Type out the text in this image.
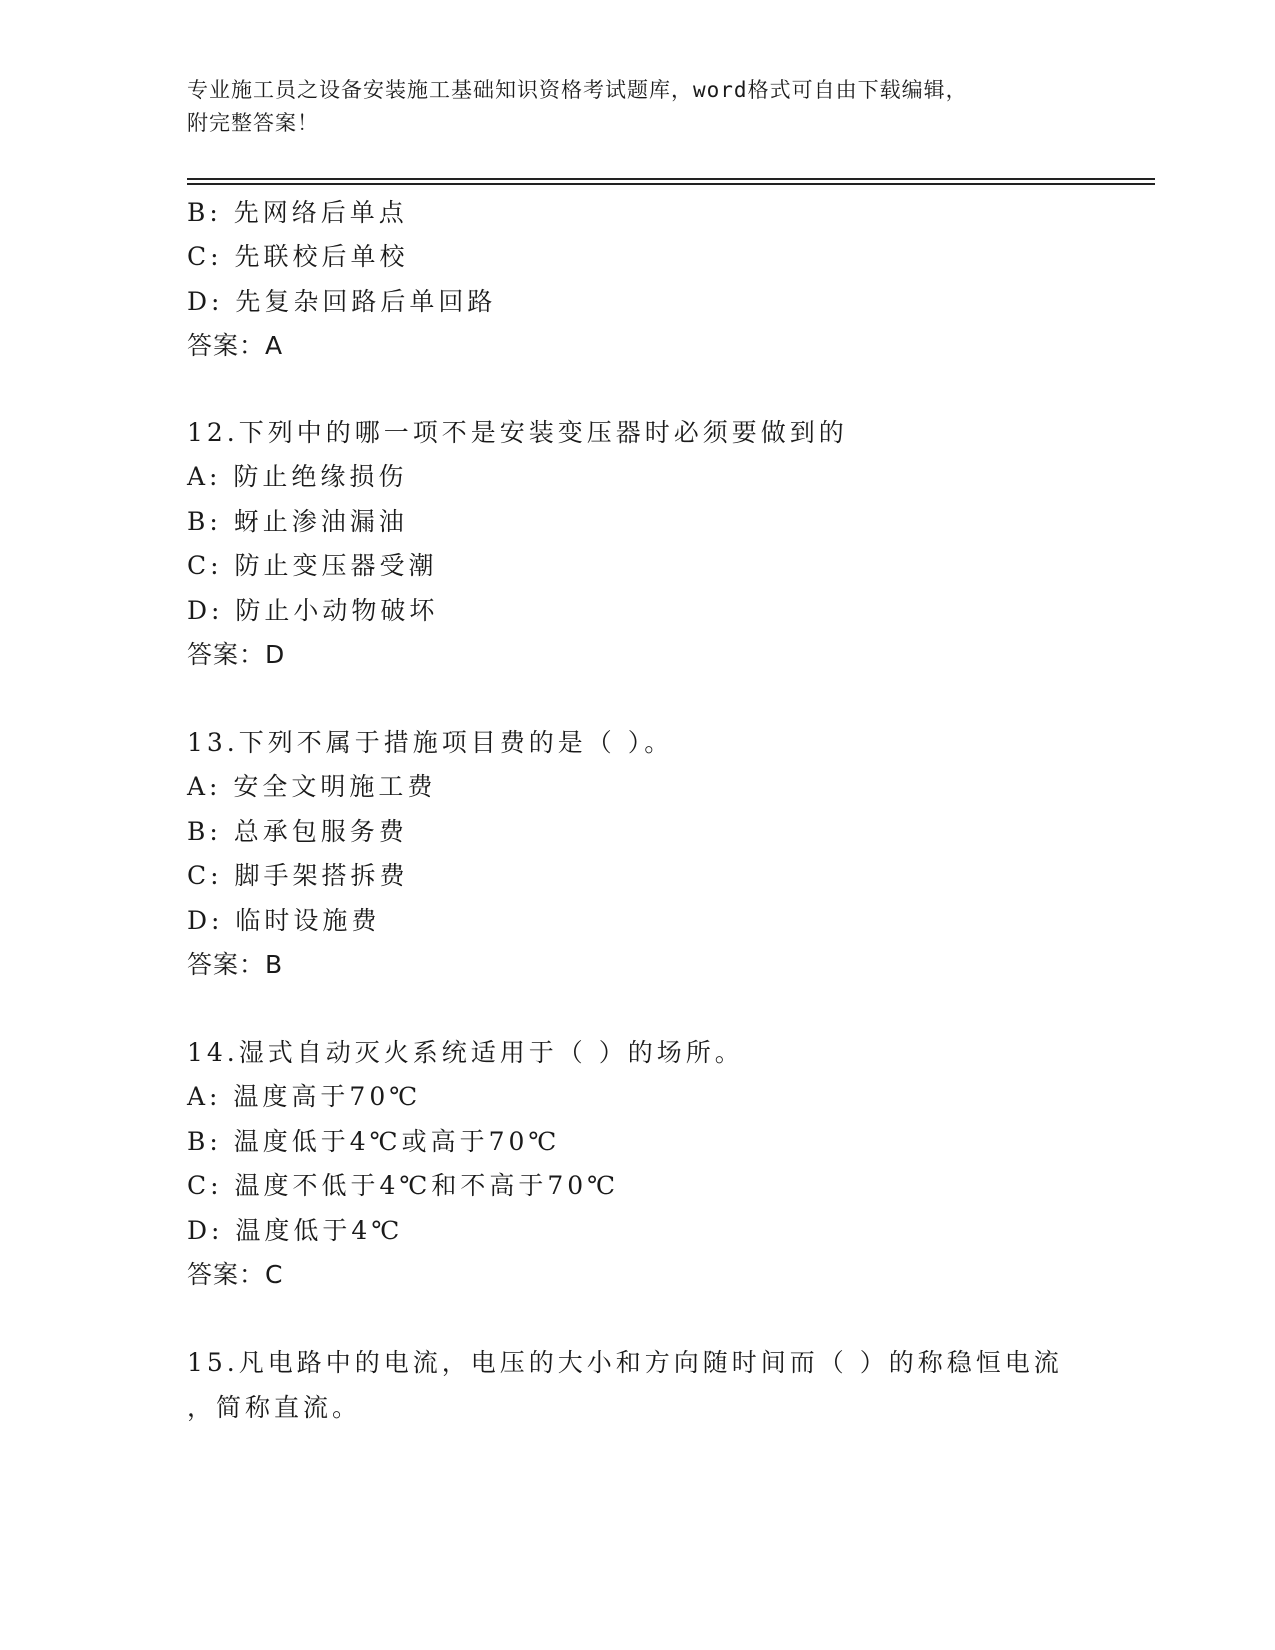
专业施工员之设备安装施工基础知识资格考试题库，word格式可自由下载编辑，
附完整答案！
B: 先网络后单点
C: 先联校后单校
D: 先复杂回路后单回路
答案：A
12.下列中的哪一项不是安装变压器时必须要做到的
A: 防止绝缘损伤
B: 蚜止渗油漏油
C: 防止变压器受潮
D: 防止小动物破坏
答案：D
13.下列不属于措施项目费的是（ ）。
A: 安全文明施工费
B: 总承包服务费
C: 脚手架搭拆费
D: 临时设施费
答案：B
14.湿式自动灭火系统适用于（ ）的场所。
A: 温度高于70℃
B: 温度低于4℃或高于70℃
C: 温度不低于4℃和不高于70℃
D: 温度低于4℃
答案：C
15.凡电路中的电流，电压的大小和方向随时间而（ ）的称稳恒电流
，简称直流。
